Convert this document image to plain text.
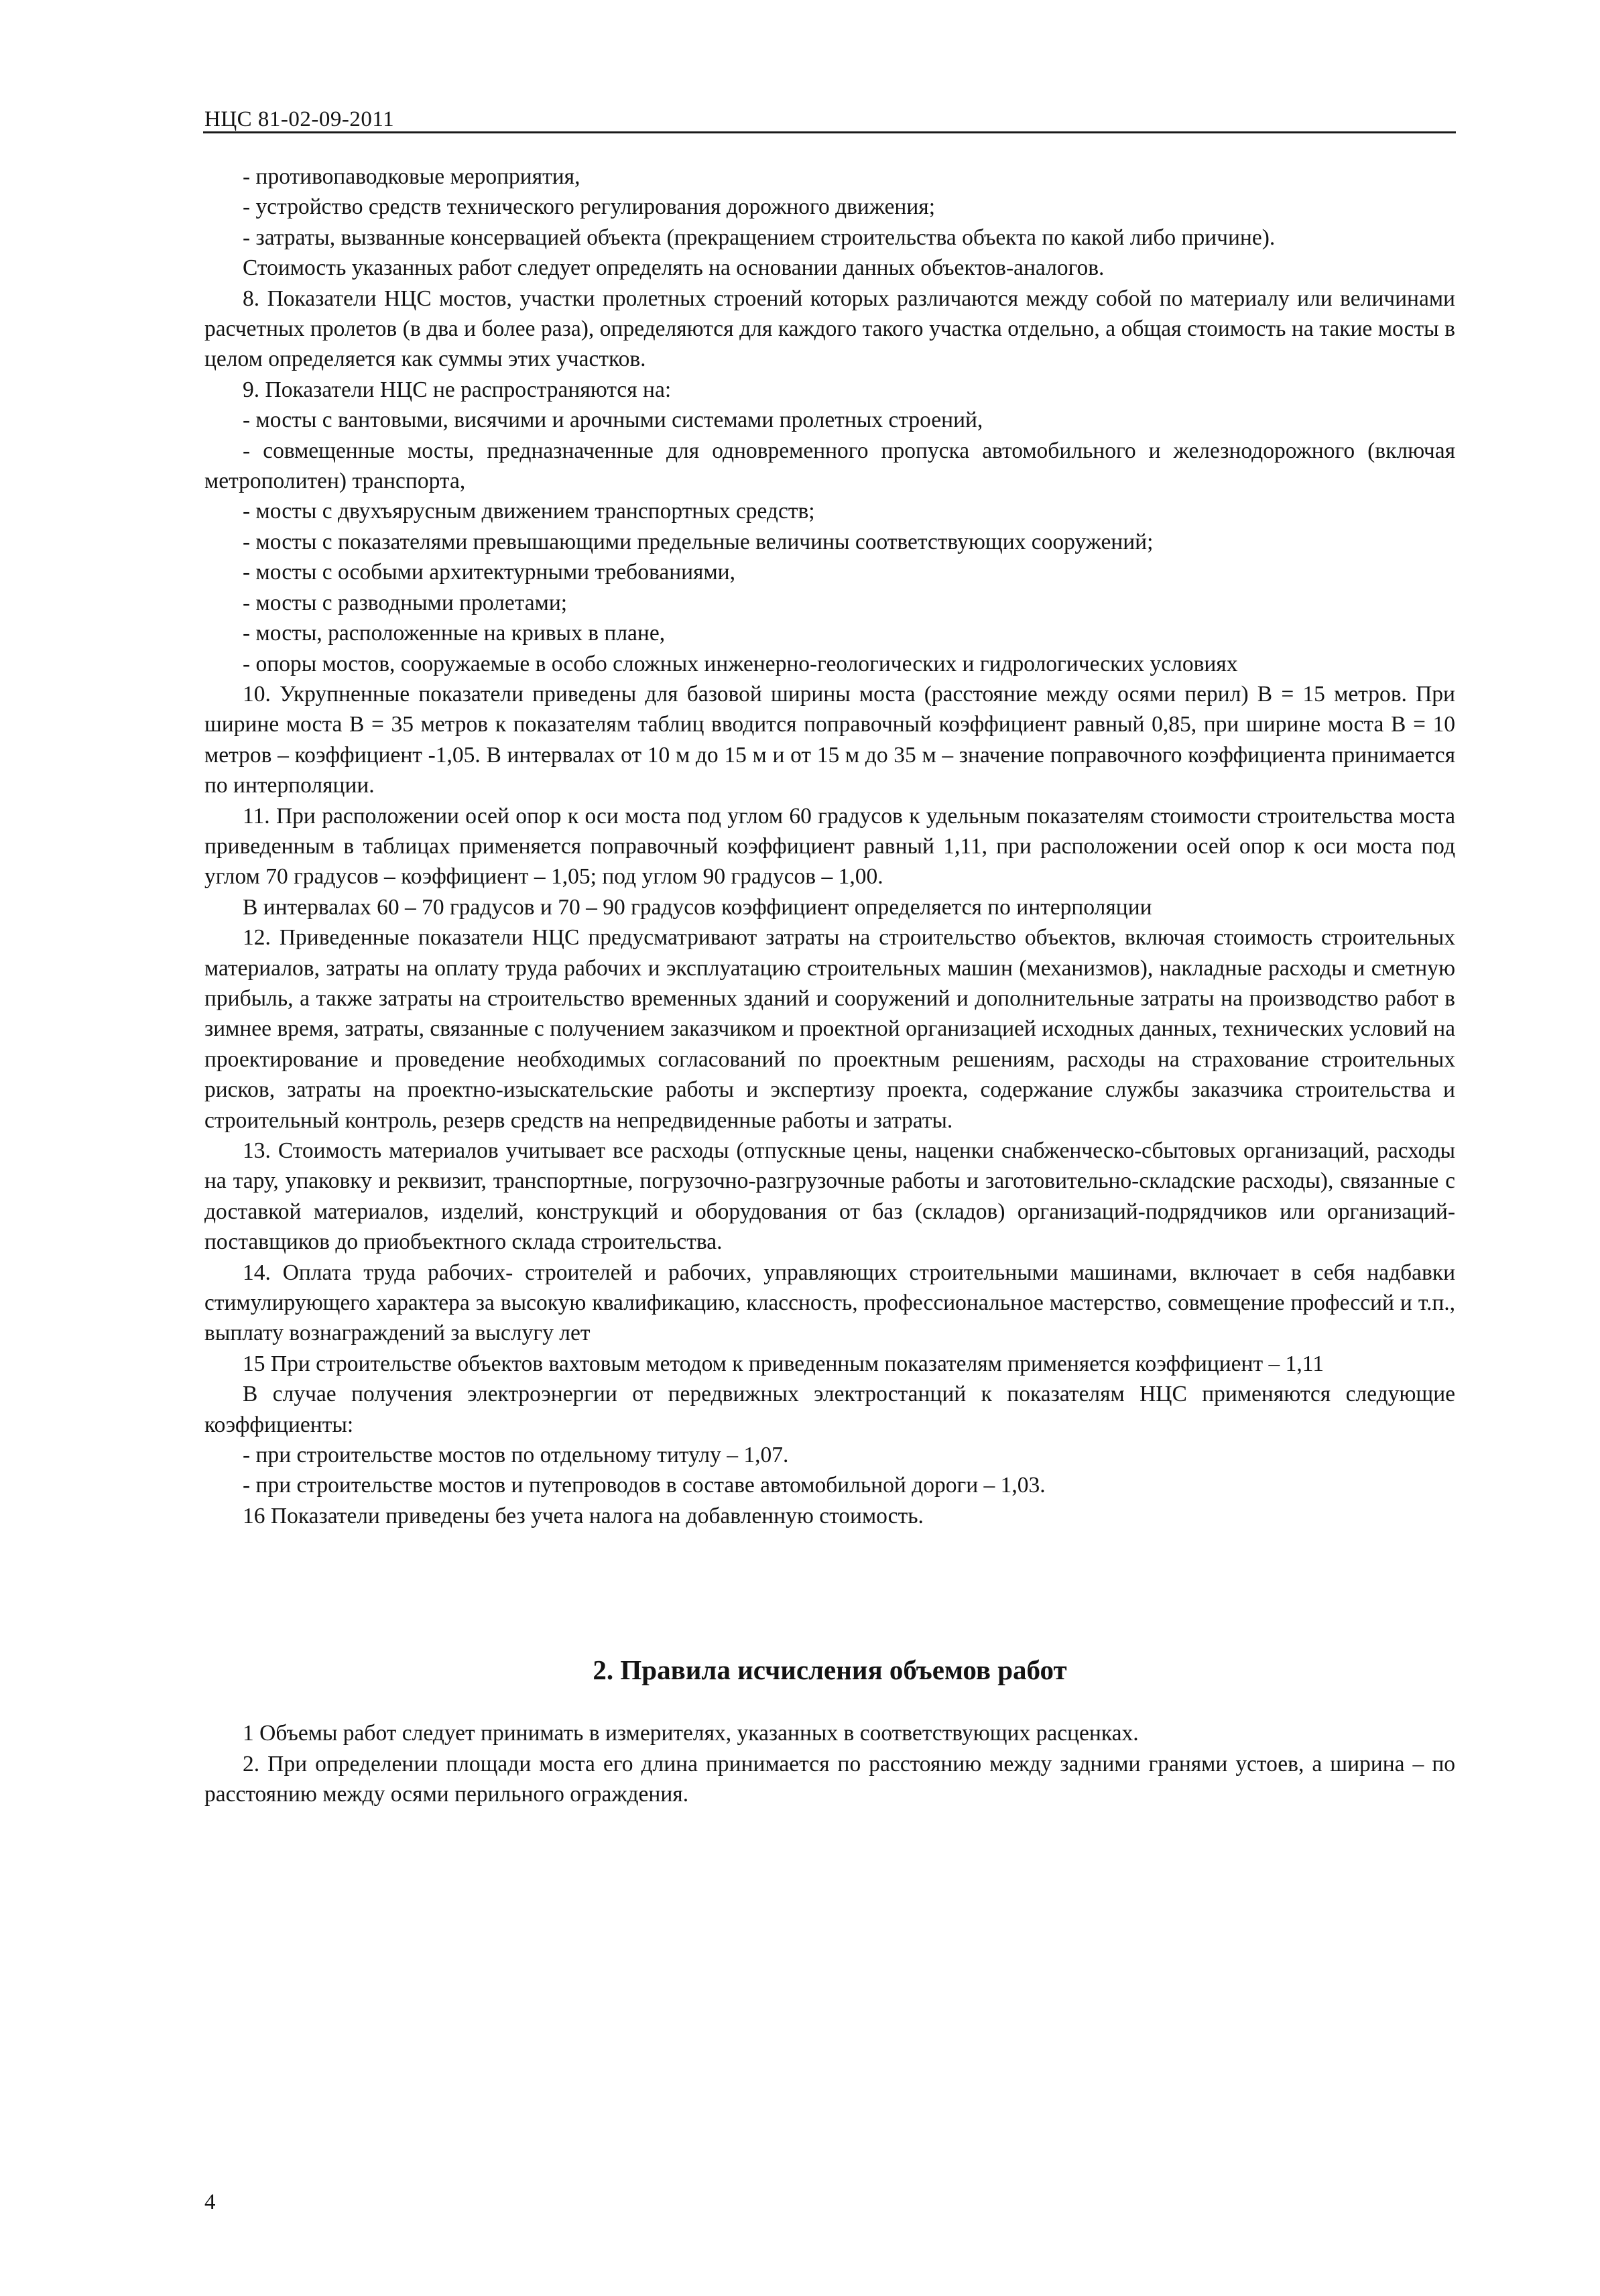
НЦС 81-02-09-2011

- противопаводковые мероприятия,

- устройство средств технического регулирования дорожного движения;

- затраты, вызванные консервацией объекта (прекращением строительства объекта по какой либо причине).

Стоимость указанных работ следует определять на основании данных объектов-аналогов.

8. Показатели НЦС мостов, участки пролетных строений которых различаются между собой по материалу или величинами расчетных пролетов (в два и более раза), определяются для каждого такого участка отдельно, а общая стоимость на такие мосты в целом определяется как суммы этих участков.

9. Показатели НЦС не распространяются на:

- мосты с вантовыми, висячими и арочными системами пролетных строений,

- совмещенные мосты, предназначенные для одновременного пропуска автомобильного и железнодорожного (включая метрополитен) транспорта,

- мосты с двухъярусным движением транспортных средств;

- мосты с показателями превышающими предельные величины соответствующих сооружений;

- мосты с особыми архитектурными требованиями,

- мосты с разводными пролетами;

- мосты, расположенные на кривых в плане,

- опоры мостов, сооружаемые в особо сложных инженерно-геологических и гидрологических условиях

10. Укрупненные показатели приведены для базовой ширины моста (расстояние между осями перил) В = 15 метров. При ширине моста В = 35 метров к показателям таблиц вводится поправочный коэффициент равный 0,85, при ширине моста В = 10 метров – коэффициент -1,05. В интервалах от 10 м до 15 м и от 15 м до 35 м – значение поправочного коэффициента принимается по интерполяции.

11. При расположении осей опор к оси моста под углом 60 градусов к удельным показателям стоимости строительства моста приведенным в таблицах применяется поправочный коэффициент равный 1,11, при расположении осей опор к оси моста под углом 70 градусов – коэффициент – 1,05; под углом 90 градусов – 1,00.

В интервалах 60 – 70 градусов и 70 – 90 градусов коэффициент определяется по интерполяции

12. Приведенные показатели НЦС предусматривают затраты на строительство объектов, включая стоимость строительных материалов, затраты на оплату труда рабочих и эксплуатацию строительных машин (механизмов), накладные расходы и сметную прибыль, а также затраты на строительство временных зданий и сооружений и дополнительные затраты на производство работ в зимнее время, затраты, связанные с получением заказчиком и проектной организацией исходных данных, технических условий на проектирование и проведение необходимых согласований по проектным решениям, расходы на страхование строительных рисков, затраты на проектно-изыскательские работы и экспертизу проекта, содержание службы заказчика строительства и строительный контроль, резерв средств на непредвиденные работы и затраты.

13. Стоимость материалов учитывает все расходы (отпускные цены, наценки снабженческо-сбытовых организаций, расходы на тару, упаковку и реквизит, транспортные, погрузочно-разгрузочные работы и заготовительно-складские расходы), связанные с доставкой материалов, изделий, конструкций и оборудования от баз (складов) организаций-подрядчиков или организаций-поставщиков до приобъектного склада строительства.

14. Оплата труда рабочих- строителей и рабочих, управляющих строительными машинами, включает в себя надбавки стимулирующего характера за высокую квалификацию, классность, профессиональное мастерство, совмещение профессий и т.п., выплату вознаграждений за выслугу лет

15 При строительстве объектов вахтовым методом к приведенным показателям применяется коэффициент – 1,11

В случае получения электроэнергии от передвижных электростанций к показателям НЦС применяются следующие коэффициенты:

- при строительстве мостов по отдельному титулу – 1,07.

- при строительстве мостов и путепроводов в составе автомобильной дороги – 1,03.

16 Показатели приведены без учета налога на добавленную стоимость.

2. Правила исчисления объемов работ

1 Объемы работ следует принимать в измерителях, указанных в соответствующих расценках.

2. При определении площади моста его длина принимается по расстоянию между задними гранями устоев, а ширина – по расстоянию между осями перильного ограждения.

4
